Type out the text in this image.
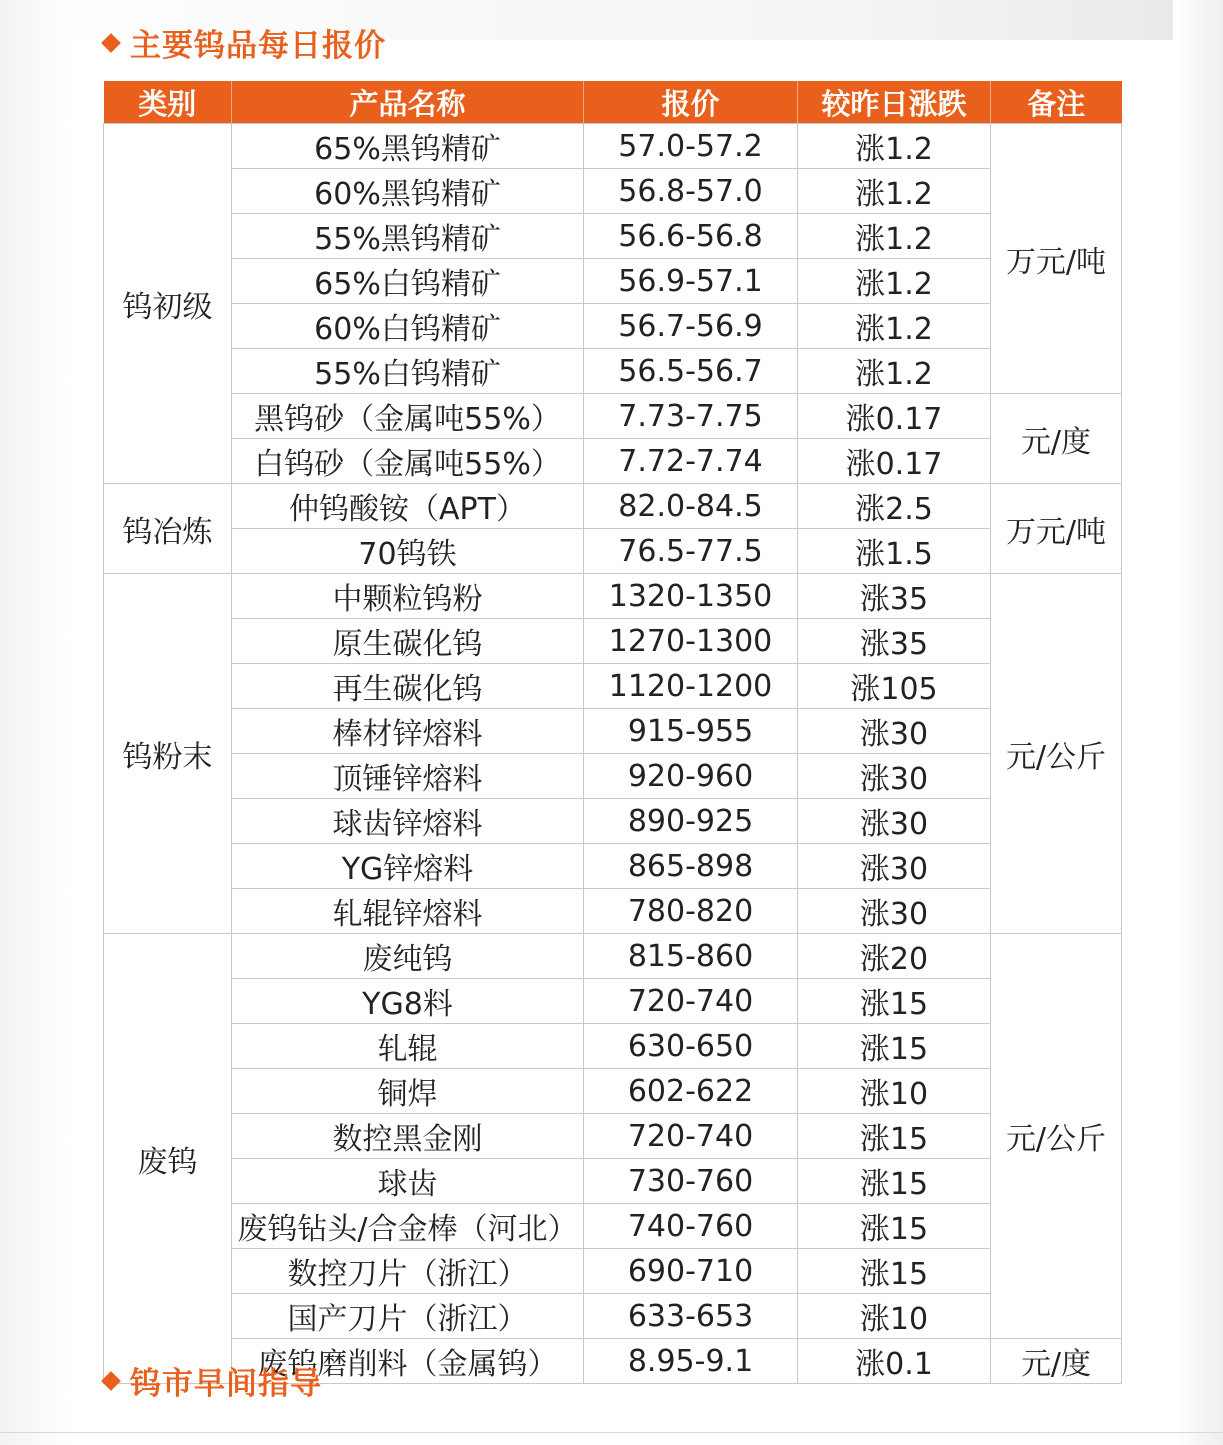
主要钨品每日报价
类别	产品名称	报价	较昨日涨跌	备注
钨初级	65%黑钨精矿	57.0-57.2	涨1.2	万元/吨
	60%黑钨精矿	56.8-57.0	涨1.2	
	55%黑钨精矿	56.6-56.8	涨1.2	
	65%白钨精矿	56.9-57.1	涨1.2	
	60%白钨精矿	56.7-56.9	涨1.2	
	55%白钨精矿	56.5-56.7	涨1.2	
	黑钨砂（金属吨55%）	7.73-7.75	涨0.17	元/度
	白钨砂（金属吨55%）	7.72-7.74	涨0.17	
钨冶炼	仲钨酸铵（APT）	82.0-84.5	涨2.5	万元/吨
	70钨铁	76.5-77.5	涨1.5	
钨粉末	中颗粒钨粉	1320-1350	涨35	元/公斤
	原生碳化钨	1270-1300	涨35	
	再生碳化钨	1120-1200	涨105	
	棒材锌熔料	915-955	涨30	
	顶锤锌熔料	920-960	涨30	
	球齿锌熔料	890-925	涨30	
	YG锌熔料	865-898	涨30	
	轧辊锌熔料	780-820	涨30	
废钨	废纯钨	815-860	涨20	元/公斤
	YG8料	720-740	涨15	
	轧辊	630-650	涨15	
	铜焊	602-622	涨10	
	数控黑金刚	720-740	涨15	
	球齿	730-760	涨15	
	废钨钻头/合金棒（河北）	740-760	涨15	
	数控刀片（浙江）	690-710	涨15	
	国产刀片（浙江）	633-653	涨10	
	废钨磨削料（金属钨）	8.95-9.1	涨0.1	元/度
钨市早间指导
